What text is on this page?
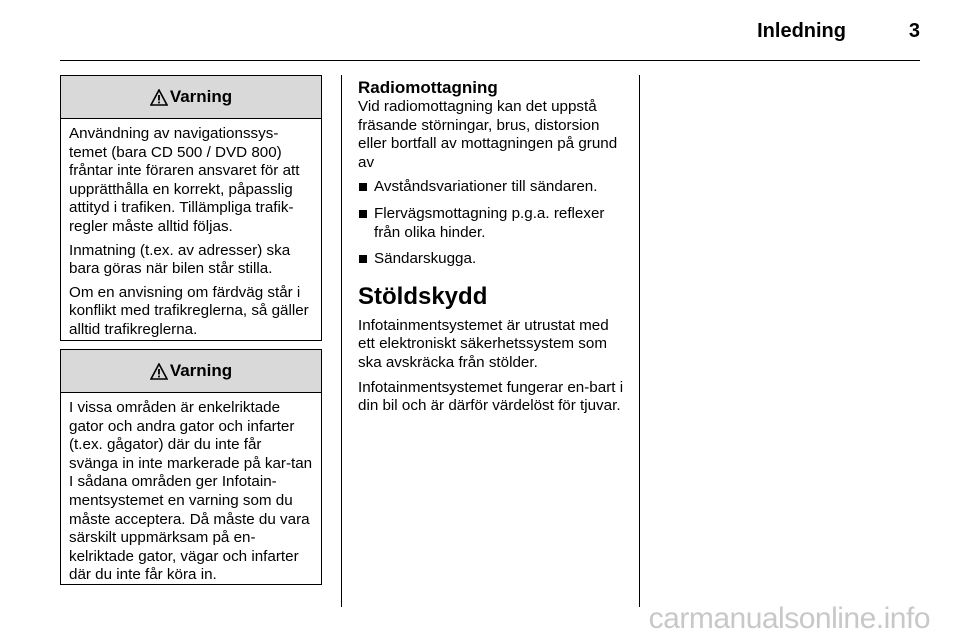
Inledning	3
Varning

Användning av navigationssys-temet (bara CD 500 / DVD 800) fråntar inte föraren ansvaret för att upprätthålla en korrekt, påpasslig attityd i trafiken. Tillämpliga trafik-regler måste alltid följas.

Inmatning (t.ex. av adresser) ska bara göras när bilen står stilla.

Om en anvisning om färdväg står i konflikt med trafikreglerna, så gäller alltid trafikreglerna.

Varning

I vissa områden är enkelriktade gator och andra gator och infarter (t.ex. gågator) där du inte får svänga in inte markerade på kar-tan I sådana områden ger Infotain-mentsystemet en varning som du måste acceptera. Då måste du vara särskilt uppmärksam på en-kelriktade gator, vägar och infarter där du inte får köra in.

Radiomottagning

Vid radiomottagning kan det uppstå fräsande störningar, brus, distorsion eller bortfall av mottagningen på grund av

Avståndsvariationer till sändaren.
Flervägsmottagning p.g.a. reflexer från olika hinder.
Sändarskugga.
Stöldskydd

Infotainmentsystemet är utrustat med ett elektroniskt säkerhetssystem som ska avskräcka från stölder.

Infotainmentsystemet fungerar en-bart i din bil och är därför värdelöst för tjuvar.

carmanualsonline.info
